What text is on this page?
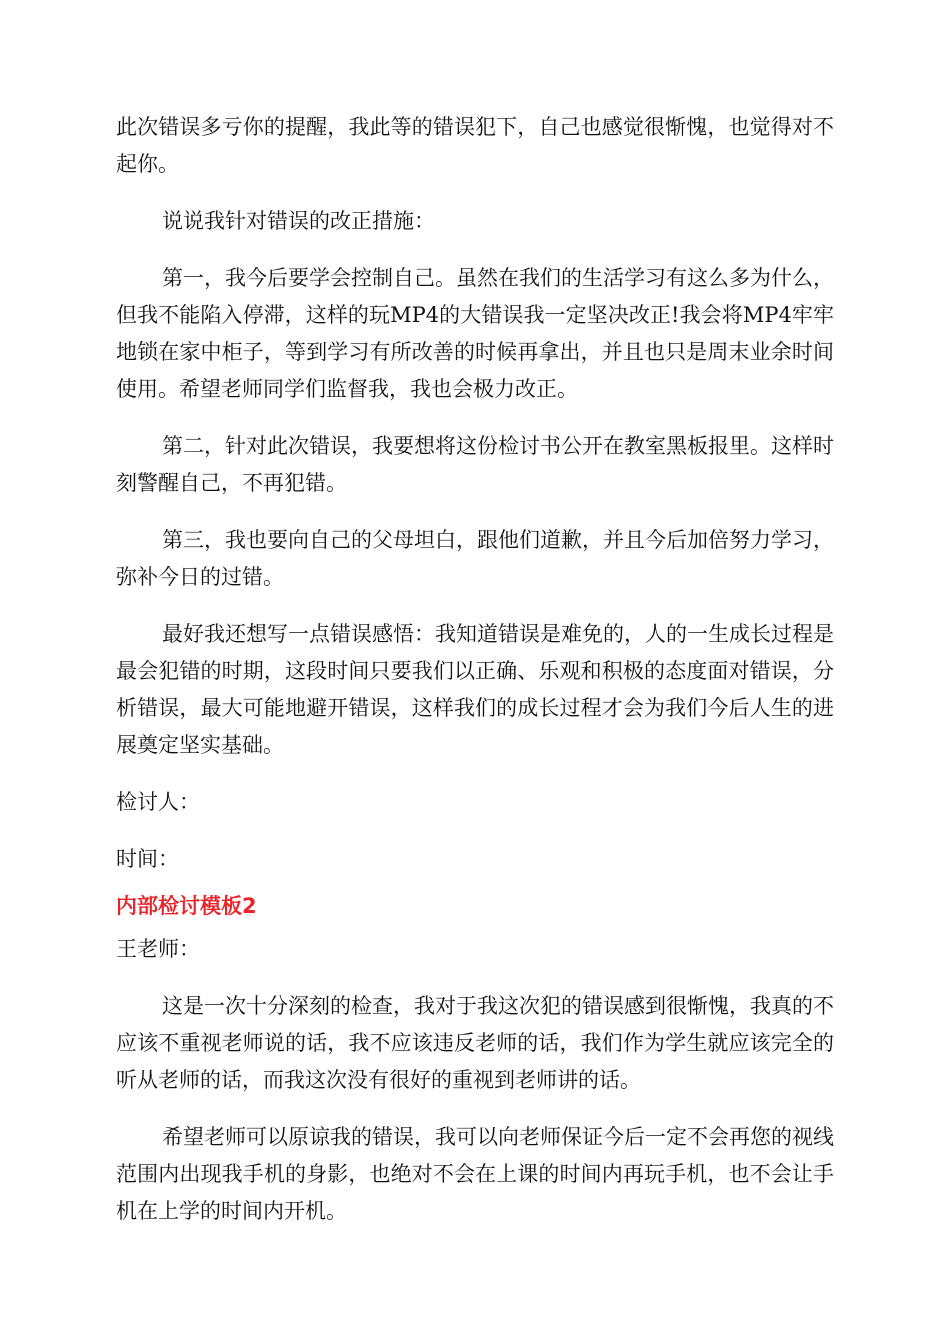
此次错误多亏你的提醒，我此等的错误犯下，自己也感觉很惭愧，也觉得对不起你。

说说我针对错误的改正措施：

第一，我今后要学会控制自己。虽然在我们的生活学习有这么多为什么，但我不能陷入停滞，这样的玩MP4的大错误我一定坚决改正!我会将MP4牢牢地锁在家中柜子，等到学习有所改善的时候再拿出，并且也只是周末业余时间使用。希望老师同学们监督我，我也会极力改正。

第二，针对此次错误，我要想将这份检讨书公开在教室黑板报里。这样时刻警醒自己，不再犯错。

第三，我也要向自己的父母坦白，跟他们道歉，并且今后加倍努力学习，弥补今日的过错。

最好我还想写一点错误感悟：我知道错误是难免的，人的一生成长过程是最会犯错的时期，这段时间只要我们以正确、乐观和积极的态度面对错误，分析错误，最大可能地避开错误，这样我们的成长过程才会为我们今后人生的进展奠定坚实基础。

检讨人：

时间：

内部检讨模板2

王老师：

这是一次十分深刻的检查，我对于我这次犯的错误感到很惭愧，我真的不应该不重视老师说的话，我不应该违反老师的话，我们作为学生就应该完全的听从老师的话，而我这次没有很好的重视到老师讲的话。

希望老师可以原谅我的错误，我可以向老师保证今后一定不会再您的视线范围内出现我手机的身影，也绝对不会在上课的时间内再玩手机，也不会让手机在上学的时间内开机。
